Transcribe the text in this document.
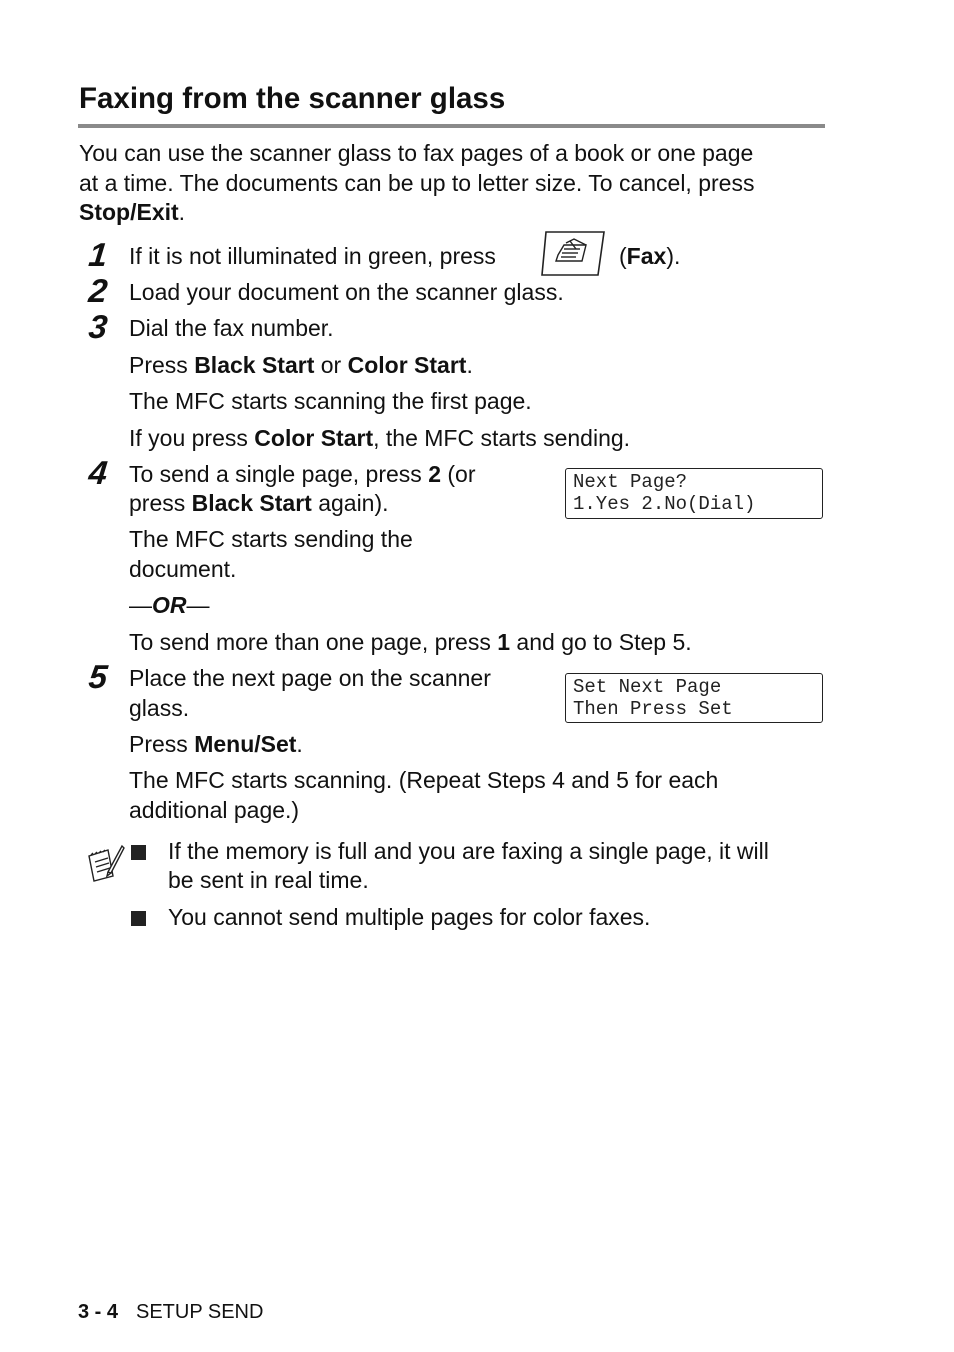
Faxing from the scanner glass
You can use the scanner glass to fax pages of a book or one page
at a time. The documents can be up to letter size. To cancel, press
Stop/Exit.
1 If it is not illuminated in green, press	(Fax).
2 Load your document on the scanner glass.
3 Dial the fax number.
Press Black Start or Color Start.
The MFC starts scanning the first page.
If you press Color Start, the MFC starts sending.
4 To send a single page, press 2 (or
press Black Start again).
Next Page?
1.Yes 2.No(Dial)
The MFC starts sending the
document.
—OR—
To send more than one page, press 1 and go to Step 5.
5 Place the next page on the scanner
glass.
Set Next Page
Then Press Set
Press Menu/Set.
The MFC starts scanning. (Repeat Steps 4 and 5 for each
additional page.)
If the memory is full and you are faxing a single page, it will
be sent in real time.
You cannot send multiple pages for color faxes.
3 - 4 SETUP SEND
